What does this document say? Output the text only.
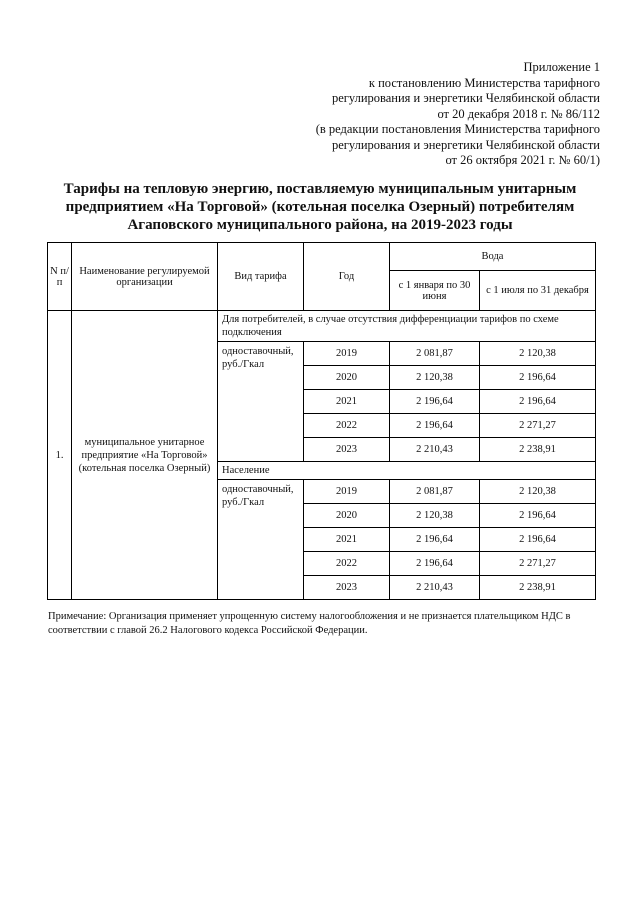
Приложение 1
к постановлению Министерства тарифного
регулирования и энергетики Челябинской области
от 20 декабря 2018 г. № 86/112
(в редакции постановления Министерства тарифного
регулирования и энергетики Челябинской области
от 26 октября 2021 г. № 60/1)
Тарифы на тепловую энергию, поставляемую муниципальным унитарным
предприятием «На Торговой» (котельная поселка Озерный) потребителям
Агаповского муниципального района, на 2019-2023 годы
N п/п	Наименование регулируемой организации	Вид тарифа	Год	Вода	
				с 1 января по 30 июня	с 1 июля по 31 декабря
1.	муниципальное унитарное предприятие «На Торговой» (котельная поселка Озерный)	Для потребителей, в случае отсутствия дифференциации тарифов по схеме подключения			
		одноставочный, руб./Гкал	2019	2 081,87	2 120,38
			2020	2 120,38	2 196,64
			2021	2 196,64	2 196,64
			2022	2 196,64	2 271,27
			2023	2 210,43	2 238,91
		Население			
		одноставочный, руб./Гкал	2019	2 081,87	2 120,38
			2020	2 120,38	2 196,64
			2021	2 196,64	2 196,64
			2022	2 196,64	2 271,27
			2023	2 210,43	2 238,91
Примечание: Организация применяет упрощенную систему налогообложения и не признается плательщиком НДС в соответствии с главой 26.2 Налогового кодекса Российской Федерации.
